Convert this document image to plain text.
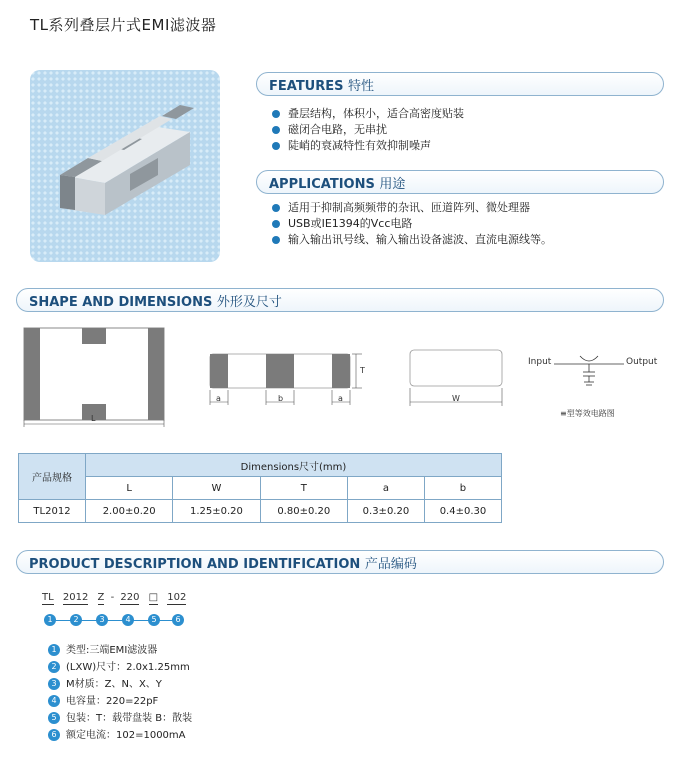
TL系列叠层片式EMI滤波器
FEATURES 特性
叠层结构，体积小，适合高密度贴装
磁闭合电路，无串扰
陡峭的衰减特性有效抑制噪声
APPLICATIONS 用途
适用于抑制高频频带的杂讯、匝道阵列、微处理器
USB或IE1394的Vcc电路
输入输出讯号线、输入输出设备滤波、直流电源线等。
SHAPE AND DIMENSIONS 外形及尺寸
L
a	b	a
T
W
Input	Output
≡型等效电路图
产品规格	Dimensions尺寸(mm)				
	L	W	T	a	b
TL2012	2.00±0.20	1.25±0.20	0.80±0.20	0.3±0.20	0.4±0.30
PRODUCT DESCRIPTION AND IDENTIFICATION 产品编码
TL 2012 Z - 220 □ 102
1	2	3	4	5	6
1 类型:三端EMI滤波器
2 (LXW)尺寸：2.0x1.25mm
3 M材质：Z、N、X、Y
4 电容量：220=22pF
5 包装：T：载带盘装 B：散装
6 额定电流：102=1000mA
